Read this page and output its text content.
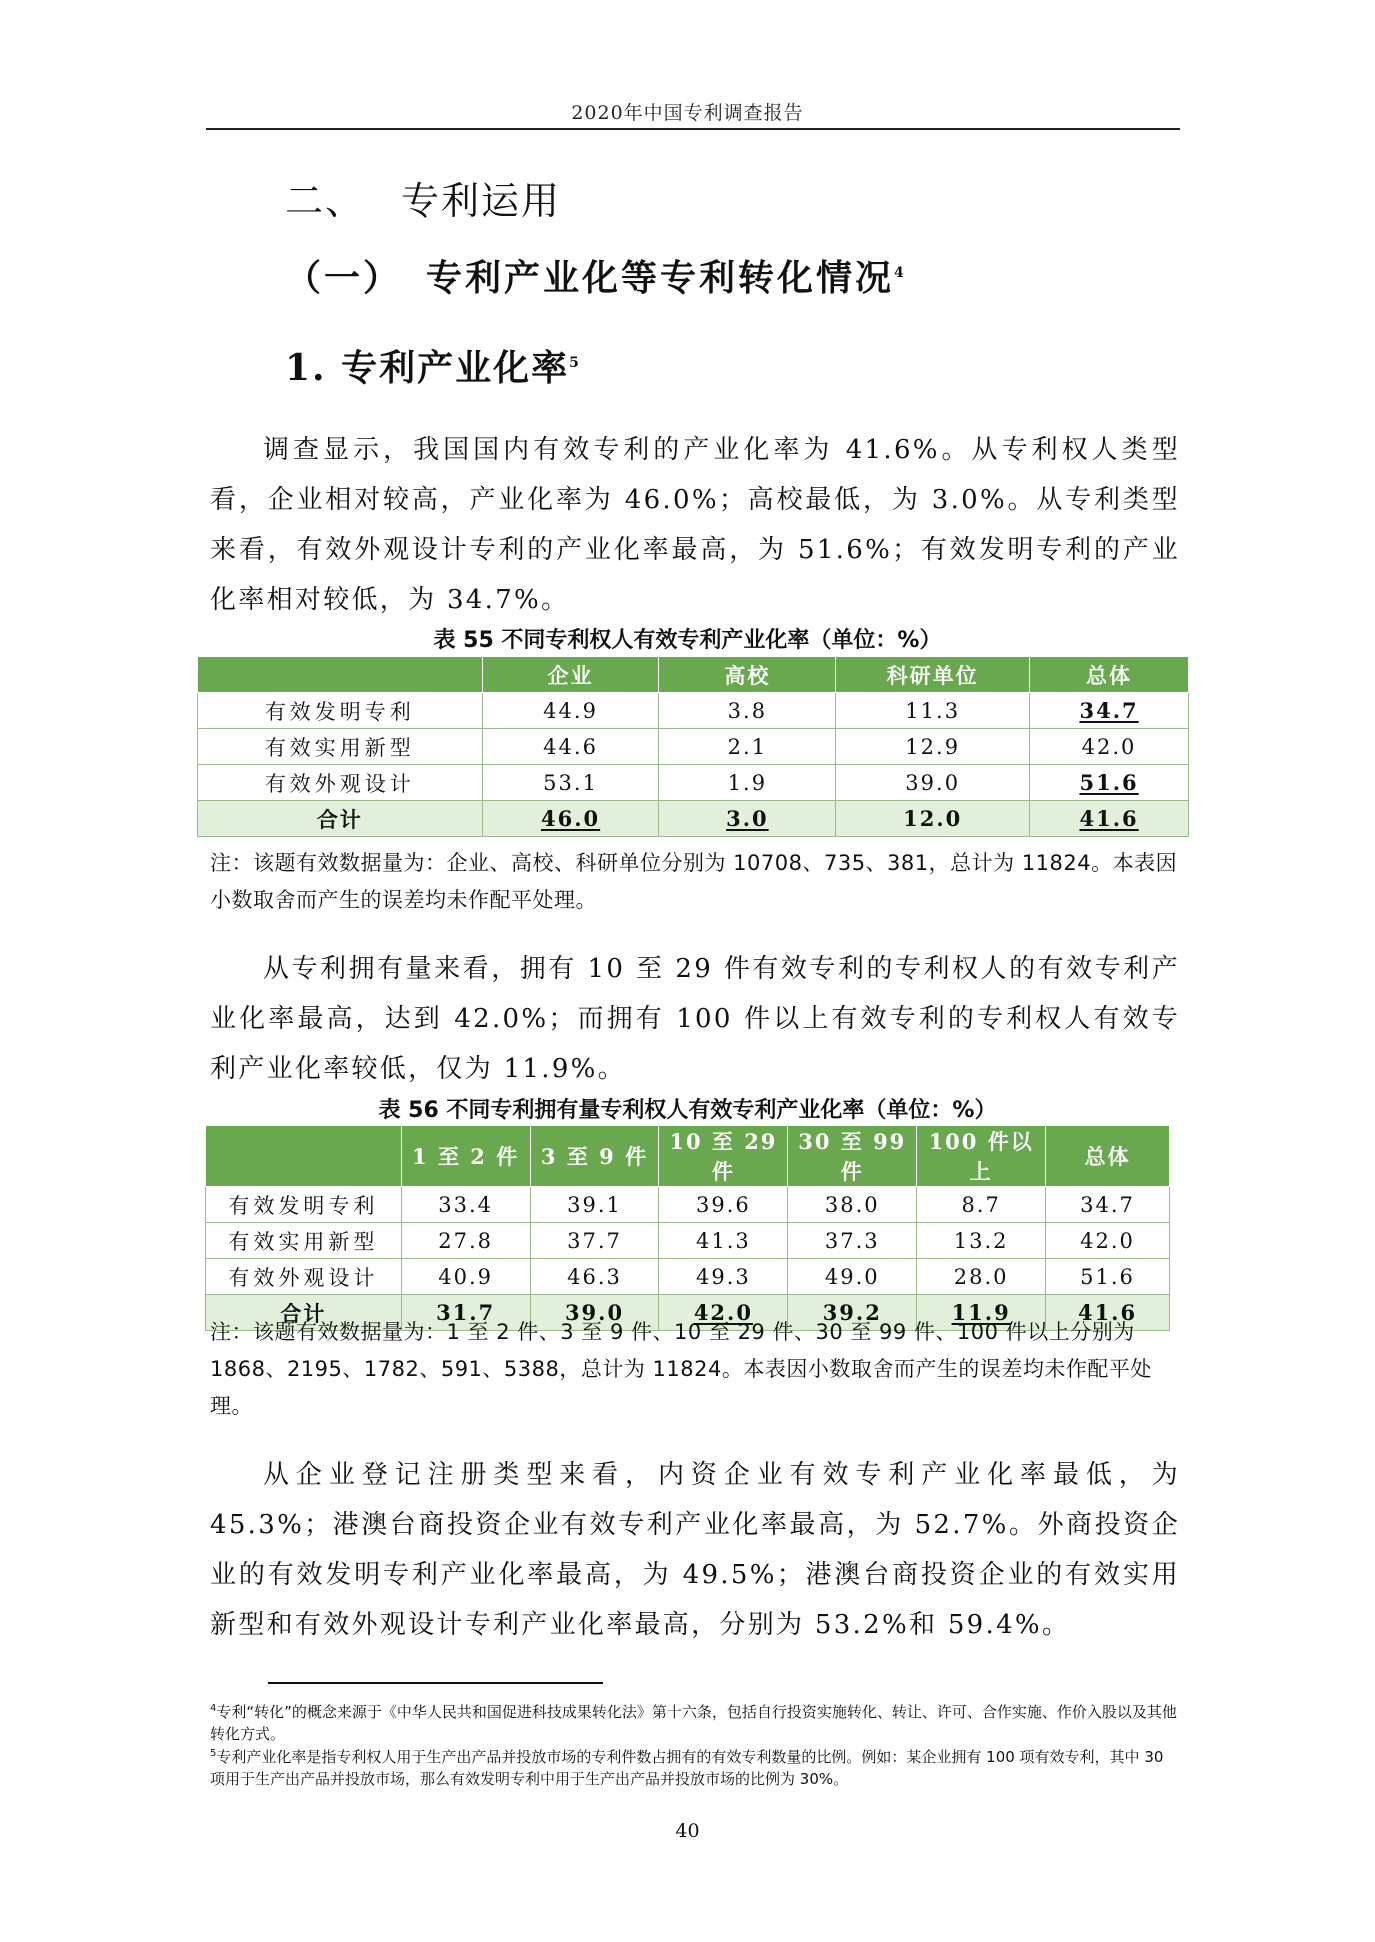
2020年中国专利调查报告
二、 专利运用
（一） 专利产业化等专利转化情况$^4$
1. 专利产业化率$^5$

调查显示，我国国内有效专利的产业化率为 41.6%。从专利权人类型看，企业相对较高，产业化率为 46.0%；高校最低，为 3.0%。从专利类型来看，有效外观设计专利的产业化率最高，为 51.6%；有效发明专利的产业化率相对较低，为 34.7%。

表 55 不同专利权人有效专利产业化率（单位：%）
	企业	高校	科研单位	总体
有效发明专利	44.9	3.8	11.3	34.7
有效实用新型	44.6	2.1	12.9	42.0
有效外观设计	53.1	1.9	39.0	51.6
合计	46.0	3.0	12.0	41.6

注：该题有效数据量为：企业、高校、科研单位分别为 10708、735、381，总计为 11824。本表因小数取舍而产生的误差均未作配平处理。

从专利拥有量来看，拥有 10 至 29 件有效专利的专利权人的有效专利产业化率最高，达到 42.0%；而拥有 100 件以上有效专利的专利权人有效专利产业化率较低，仅为 11.9%。

表 56 不同专利拥有量专利权人有效专利产业化率（单位：%）
	1 至 2 件	3 至 9 件	10 至 29 件	30 至 99 件	100 件以上	总体
有效发明专利	33.4	39.1	39.6	38.0	8.7	34.7
有效实用新型	27.8	37.7	41.3	37.3	13.2	42.0
有效外观设计	40.9	46.3	49.3	49.0	28.0	51.6
合计	31.7	39.0	42.0	39.2	11.9	41.6

注：该题有效数据量为：1 至 2 件、3 至 9 件、10 至 29 件、30 至 99 件、100 件以上分别为 1868、2195、1782、591、5388，总计为 11824。本表因小数取舍而产生的误差均未作配平处理。

从企业登记注册类型来看，内资企业有效专利产业化率最低，为 45.3%；港澳台商投资企业有效专利产业化率最高，为 52.7%。外商投资企业的有效发明专利产业化率最高，为 49.5%；港澳台商投资企业的有效实用新型和有效外观设计专利产业化率最高，分别为 53.2%和 59.4%。

$^4$专利“转化”的概念来源于《中华人民共和国促进科技成果转化法》第十六条，包括自行投资实施转化、转让、许可、合作实施、作价入股以及其他转化方式。

$^5$专利产业化率是指专利权人用于生产出产品并投放市场的专利件数占拥有的有效专利数量的比例。例如：某企业拥有 100 项有效专利，其中 30 项用于生产出产品并投放市场，那么有效发明专利中用于生产出产品并投放市场的比例为 30%。

40
